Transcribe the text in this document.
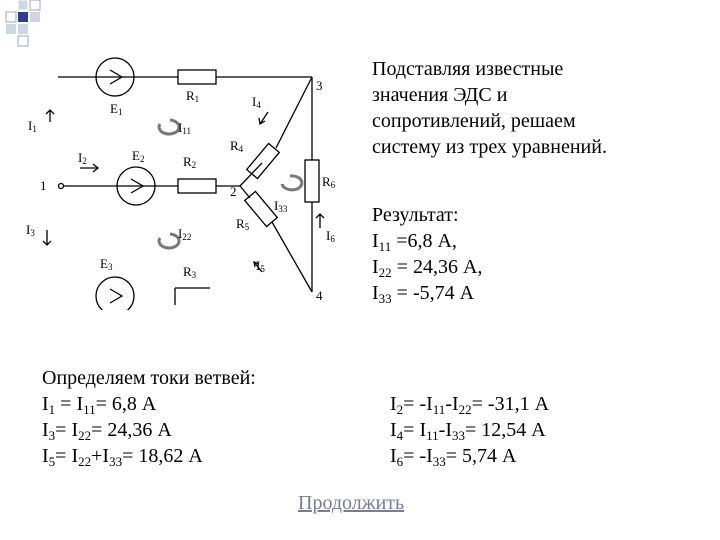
R1
R2
R3
R4
R5
R6
E1
E2
E3
1	2
3
4
I1
I2
I3
I4
I5
I6
I11
I22
I33
Подставляя известные
значения ЭДС и
сопротивлений, решаем
систему из трех уравнений.
Результат:
$I_{11} =6,8$ А,
$I_{22} = 24,36$ А,
$I_{33} = -5,74$ А
Определяем токи ветвей:
$I_1 = I_{11}= 6,8$ А
$I_3= I_{22}= 24,36$ А
$I_5= I_{22}+I_{33}= 18,62$ А
$I_2= -I_{11}-I_{22}= -31,1$ А
$I_4= I_{11}-I_{33}= 12,54$ А
$I_6= -I_{33}= 5,74$ А
Продолжить
